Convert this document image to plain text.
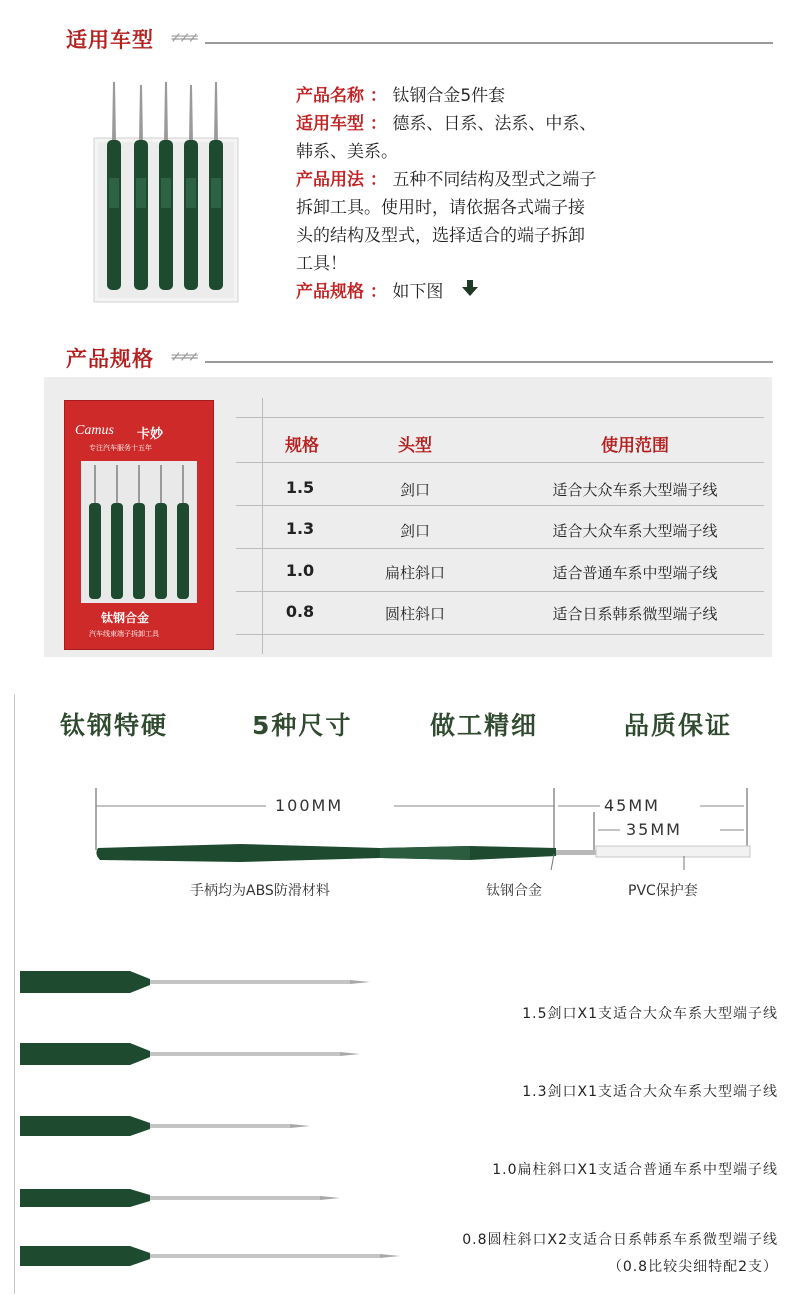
适用车型 ≠≠≠
产品名称 ： 钛钢合金5件套
适用车型 ： 德系、日系、法系、中系、
韩系、美系。
产品用法 ： 五种不同结构及型式之端子
拆卸工具。使用时，请依据各式端子接
头的结构及型式，选择适合的端子拆卸
工具！
产品规格 ： 如下图
产品规格 ≠≠≠
Camus 卡妙
专注汽车服务十五年
钛钢合金
汽车线束端子拆卸工具
规格	头型	使用范围
1.5	剑口	适合大众车系大型端子线
1.3	剑口	适合大众车系大型端子线
1.0	扁柱斜口	适合普通车系中型端子线
0.8	圆柱斜口	适合日系韩系微型端子线
钛钢特硬	5种尺寸	做工精细	品质保证
100MM	45MM
35MM
手柄均为ABS防滑材料	钛钢合金	PVC保护套
1.5剑口X1支适合大众车系大型端子线
1.3剑口X1支适合大众车系大型端子线
1.0扁柱斜口X1支适合普通车系中型端子线
0.8圆柱斜口X2支适合日系韩系车系微型端子线
（0.8比较尖细特配2支）
